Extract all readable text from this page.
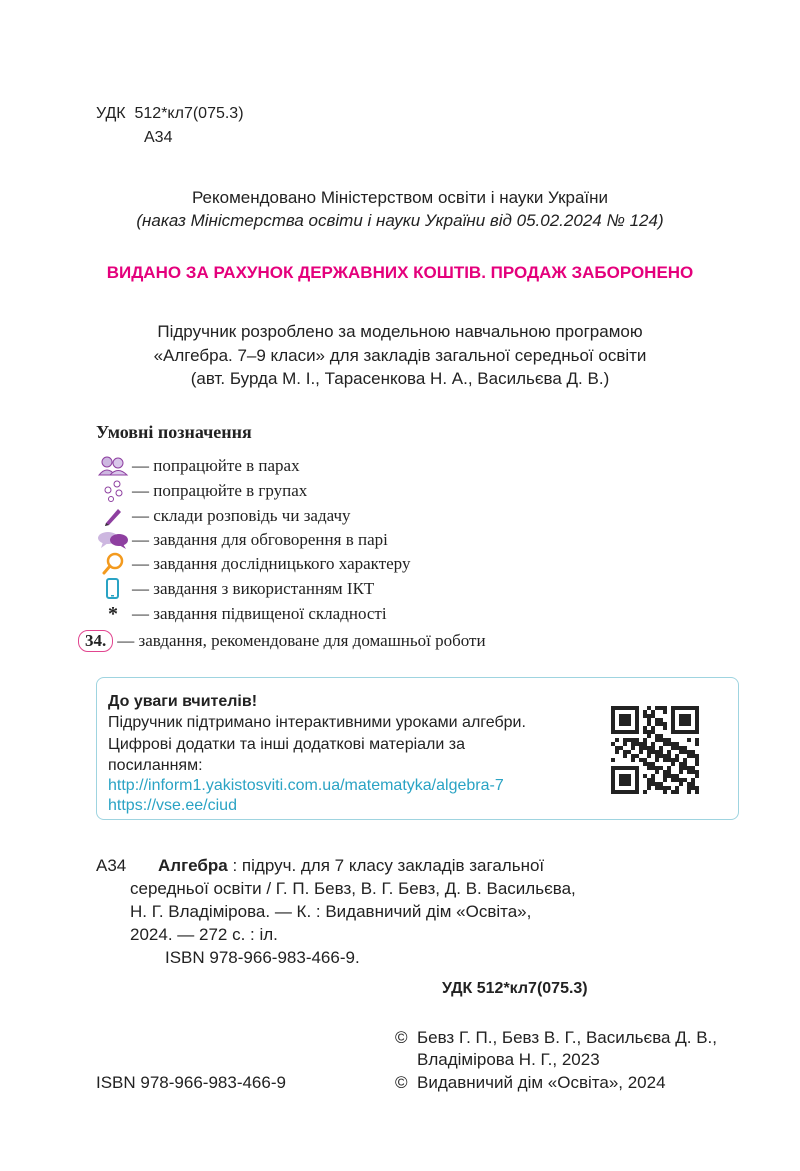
УДК 512*кл7(075.3)
А34
Рекомендовано Міністерством освіти і науки України
(наказ Міністерства освіти і науки України від 05.02.2024 № 124)
ВИДАНО ЗА РАХУНОК ДЕРЖАВНИХ КОШТІВ. ПРОДАЖ ЗАБОРОНЕНО
Підручник розроблено за модельною навчальною програмою
«Алгебра. 7–9 класи» для закладів загальної середньої освіти
(авт. Бурда М. І., Тарасенкова Н. А., Васильєва Д. В.)
Умовні позначення
— попрацюйте в парах
— попрацюйте в групах
— склади розповідь чи задачу
— завдання для обговорення в парі
— завдання дослідницького характеру
— завдання з використанням ІКТ
* — завдання підвищеної складності
34. — завдання, рекомендоване для домашньої роботи
До уваги вчителів!
Підручник підтримано інтерактивними уроками алгебри.
Цифрові додатки та інші додаткові матеріали за
посиланням:
http://inform1.yakistosviti.com.ua/matematyka/algebra-7
https://vse.ee/ciud
А34 Алгебра : підруч. для 7 класу закладів загальної
середньої освіти / Г. П. Бевз, В. Г. Бевз, Д. В. Васильєва,
Н. Г. Владімірова. — К. : Видавничий дім «Освіта»,
2024. — 272 с. : іл.
ISBN 978-966-983-466-9.
УДК 512*кл7(075.3)
© Бевз Г. П., Бевз В. Г., Васильєва Д. В.,
Владімірова Н. Г., 2023
© Видавничий дім «Освіта», 2024
ISBN 978-966-983-466-9
